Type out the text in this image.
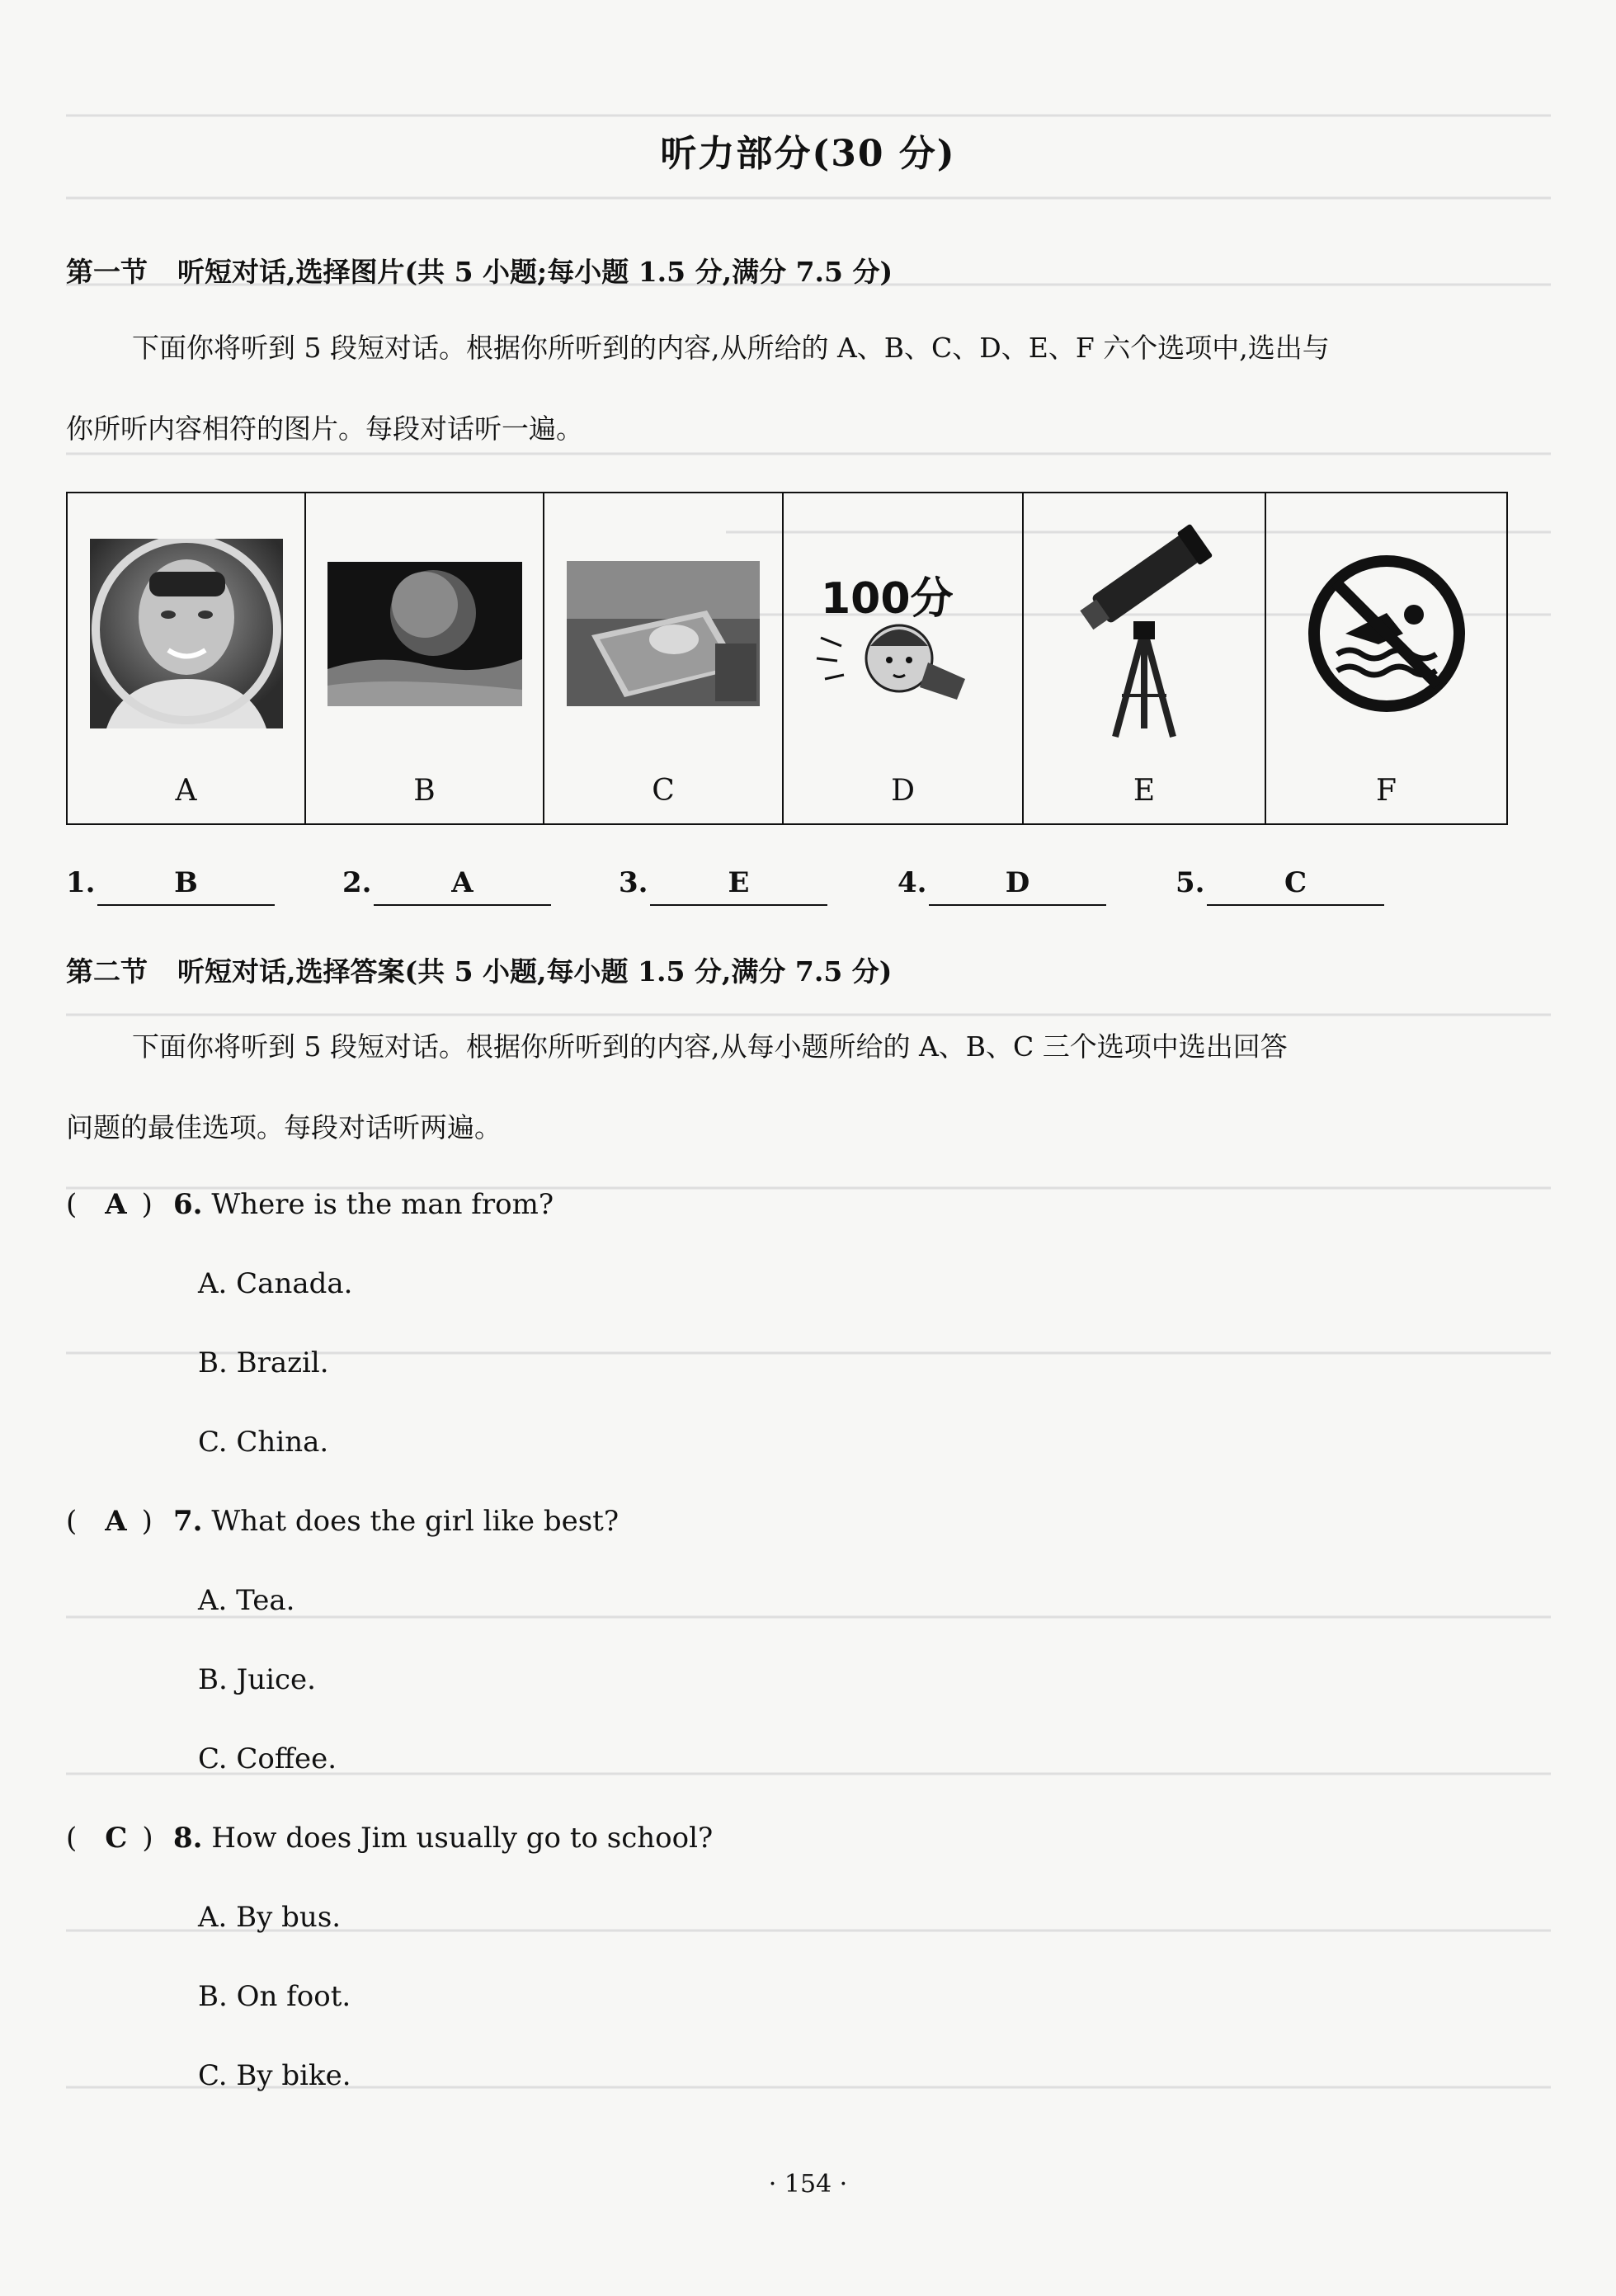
听力部分(30 分)
第一节 听短对话,选择图片(共 5 小题;每小题 1.5 分,满分 7.5 分)
下面你将听到 5 段短对话。根据你所听到的内容,从所给的 A、B、C、D、E、F 六个选项中,选出与
你所听内容相符的图片。每段对话听一遍。
A	B	C
100分
D	E	F
1.	B	2.	A	3.	E	4.	D	5.	C
第二节 听短对话,选择答案(共 5 小题,每小题 1.5 分,满分 7.5 分)
下面你将听到 5 段短对话。根据你所听到的内容,从每小题所给的 A、B、C 三个选项中选出回答
问题的最佳选项。每段对话听两遍。
( A ) 6. Where is the man from?
A. Canada.
B. Brazil.
C. China.
( A ) 7. What does the girl like best?
A. Tea.
B. Juice.
C. Coffee.
( C ) 8. How does Jim usually go to school?
A. By bus.
B. On foot.
C. By bike.
· 154 ·
